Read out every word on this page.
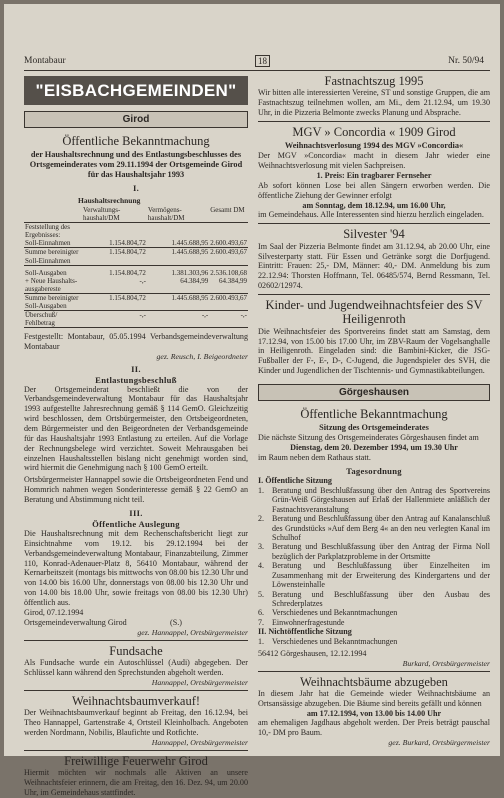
Montabaur	18	Nr. 50/94
"EISBACHGEMEINDEN"
Girod
Öffentliche Bekanntmachung
der Haushaltsrechnung und des Entlastungsbeschlusses des Ortsgemeinderates vom 29.11.1994 der Ortsgemeinde Girod für das Haushaltsjahr 1993
I.
Haushaltsrechnung
	Verwaltungs-haushalt/DM	Vermögens-haushalt/DM	Gesamt DM
Feststellung des Ergebnisses:			
Soll-Einnahmen	1.154.804,72	1.445.688,95	2.600.493,67
Summe bereinigter Soll-Einnahmen	1.154.804,72	1.445.688,95	2.600.493,67
Soll-Ausgaben	1.154.804,72	1.381.303,96	2.536.108,68
+ Neue Haushalts-ausgabereste	-,-	64.384,99	64.384,99
Summe bereinigter Soll-Ausgaben	1.154.804,72	1.445.688,95	2.600.493,67
Überschuß/ Fehlbetrag	-,-	-,-	-,-

Festgestellt: Montabaur, 05.05.1994 Verbandsgemeindeverwaltung Montabaur

gez. Reusch, I. Beigeordneter
II.
Entlastungsbeschluß

Der Ortsgemeinderat beschließt die von der Verbandsgemeindeverwaltung Montabaur für das Haushaltsjahr 1993 aufgestellte Jahresrechnung gemäß § 114 GemO. Gleichzeitig wird beschlossen, dem Ortsbürgermeister, den Ortsbeigeordneten, dem Bürgermeister und den Beigeordneten der Verbandsgemeinde für das Haushaltsjahr 1993 Entlastung zu erteilen. Auf die Vorlage der Rechnungsbelege wird verzichtet. Soweit Mehrausgaben bei einzelnen Haushaltsstellen bislang nicht genehmigt worden sind, wird hiermit die Genehmigung nach § 100 GemO erteilt.

Ortsbürgermeister Hannappel sowie die Ortsbeigeordneten Fend und Hommrich nahmen wegen Sonderinteresse gemäß § 22 GemO an Beratung und Abstimmung nicht teil.

III.
Öffentliche Auslegung

Die Haushaltsrechnung mit dem Rechenschaftsbericht liegt zur Einsichtnahme vom 19.12. bis 29.12.1994 bei der Verbandsgemeindeverwaltung Montabaur, Finanzabteilung, Zimmer 110, Konrad-Adenauer-Platz 8, 56410 Montabaur, während der Kernarbeitszeit (montags bis mittwochs von 08.00 bis 12.30 Uhr und von 14.00 bis 16.00 Uhr, donnerstags von 08.00 bis 12.30 Uhr und von 14.00 bis 18.00 Uhr, sowie freitags von 08.00 bis 12.30 Uhr) öffentlich aus.

Girod, 07.12.1994

Ortsgemeindeverwaltung Girod	(S.)

gez. Hannappel, Ortsbürgermeister
Fundsache

Als Fundsache wurde ein Autoschlüssel (Audi) abgegeben. Der Schlüssel kann während den Sprechstunden abgeholt werden.

Hannappel, Ortsbürgermeister
Weihnachtsbaumverkauf!

Der Weihnachtsbaumverkauf beginnt ab Freitag, den 16.12.94, bei Theo Hannappel, Gartenstraße 4, Ortsteil Kleinholbach. Angeboten werden Nordmann, Nobilis, Blaufichte und Rotfichte.

Hannappel, Ortsbürgermeister
Freiwillige Feuerwehr Girod

Hiermit möchten wir nochmals alle Aktiven an unsere Weihnachtsfeier erinnern, die am Freitag, den 16. Dez. 94, um 20.00 Uhr, im Gemeindehaus stattfindet.

Fastnachtszug 1995

Wir bitten alle interessierten Vereine, ST und sonstige Gruppen, die am Fastnachtszug teilnehmen wollen, am Mi., dem 21.12.94, um 19.30 Uhr, in die Pizzeria Belmonte zwecks Planung und Absprache.

MGV » Concordia « 1909 Girod
Weihnachtsverlosung 1994 des MGV »Concordia«

Der MGV »Concordia« macht in diesem Jahr wieder eine Weihnachtsverlosung mit vielen Sachpreisen.

1. Preis: Ein tragbarer Fernseher

Ab sofort können Lose bei allen Sängern erworben werden. Die öffentliche Ziehung der Gewinner erfolgt

am Sonntag, dem 18.12.94, um 16.00 Uhr,

im Gemeindehaus. Alle Interessenten sind hierzu herzlich eingeladen.

Silvester '94

Im Saal der Pizzeria Belmonte findet am 31.12.94, ab 20.00 Uhr, eine Silvesterparty statt. Für Essen und Getränke sorgt die Dorfjugend. Eintritt: Frauen: 25,- DM, Männer: 40,- DM. Anmeldung bis zum 22.12.94: Thorsten Hoffmann, Tel. 06485/574, Bernd Ressmann, Tel. 02602/12974.

Kinder- und Jugendweihnachtsfeier des SV Heiligenroth

Die Weihnachtsfeier des Sportvereins findet statt am Samstag, dem 17.12.94, von 15.00 bis 17.00 Uhr, im ZBV-Raum der Vogelsanghalle in Heiligenroth. Eingeladen sind: die Bambini-Kicker, die JSG-Fußballer der F-, E-, D-, C-Jugend, die Jugendspieler des SVH, die Kinder und Jugendlichen der Tischtennis- und Gymnastikabteilungen.

Görgeshausen
Öffentliche Bekanntmachung
Sitzung des Ortsgemeinderates

Die nächste Sitzung des Ortsgemeinderates Görgeshausen findet am

Dienstag, dem 20. Dezember 1994, um 19.30 Uhr

im Raum neben dem Rathaus statt.

Tagesordnung

I. Öffentliche Sitzung

1.	Beratung und Beschlußfassung über den Antrag des Sportvereins Grün-Weiß Görgeshausen auf Erlaß der Hallenmiete anläßlich der Fastnachtsveranstaltung
2.	Beratung und Beschlußfassung über den Antrag auf Kanalanschluß des Grundstücks »Auf dem Berg 4« an den neu verlegten Kanal im Schulhof
3.	Beratung und Beschlußfassung über den Antrag der Firma Noll bezüglich der Parkplatzprobleme in der Ortsmitte
4.	Beratung und Beschlußfassung über Einzelheiten im Zusammenhang mit der Erweiterung des Kindergartens und der Löwensteinhalle
5.	Beratung und Beschlußfassung über den Ausbau des Schrederplatzes
6.	Verschiedenes und Bekanntmachungen
7.	Einwohnerfragestunde

II. Nichtöffentliche Sitzung

1.	Verschiedenes und Bekanntmachungen

56412 Görgeshausen, 12.12.1994

Burkard, Ortsbürgermeister
Weihnachtsbäume abzugeben

In diesem Jahr hat die Gemeinde wieder Weihnachtsbäume an Ortsansässige abzugeben. Die Bäume sind bereits gefällt und können

am 17.12.1994, von 13.00 bis 14.00 Uhr

am ehemaligen Jagdhaus abgeholt werden. Der Preis beträgt pauschal 10,- DM pro Baum.

gez. Burkard, Ortsbürgermeister
